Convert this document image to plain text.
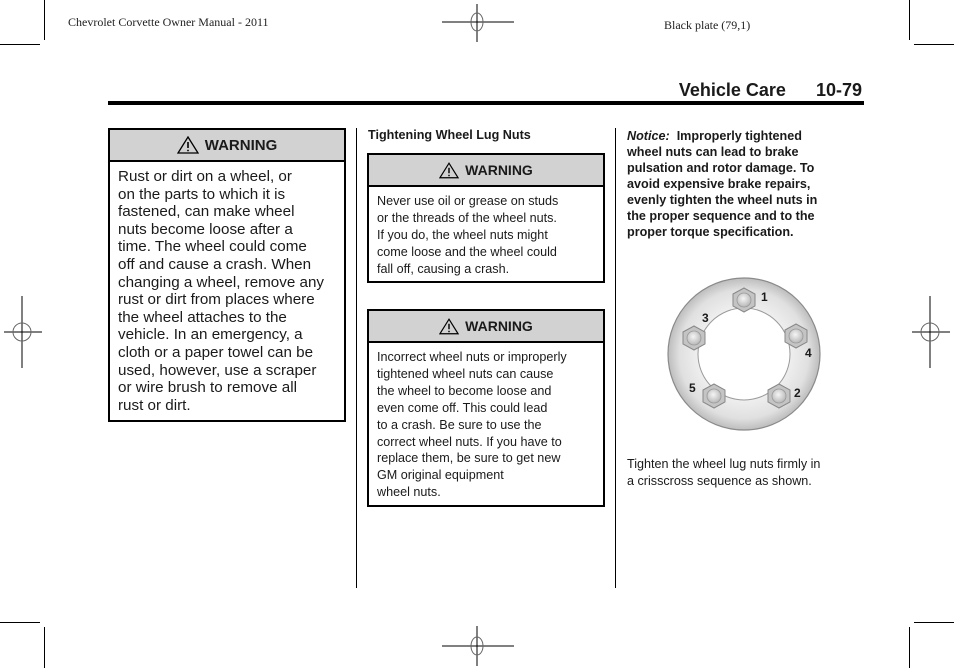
Chevrolet Corvette Owner Manual - 2011	Black plate (79,1)
Vehicle Care 10-79
WARNING
Rust or dirt on a wheel, or
on the parts to which it is
fastened, can make wheel
nuts become loose after a
time. The wheel could come
off and cause a crash. When
changing a wheel, remove any
rust or dirt from places where
the wheel attaches to the
vehicle. In an emergency, a
cloth or a paper towel can be
used, however, use a scraper
or wire brush to remove all
rust or dirt.
Tightening Wheel Lug Nuts
WARNING
Never use oil or grease on studs
or the threads of the wheel nuts.
If you do, the wheel nuts might
come loose and the wheel could
fall off, causing a crash.
WARNING
Incorrect wheel nuts or improperly
tightened wheel nuts can cause
the wheel to become loose and
even come off. This could lead
to a crash. Be sure to use the
correct wheel nuts. If you have to
replace them, be sure to get new
GM original equipment
wheel nuts.
Notice: Improperly tightened
wheel nuts can lead to brake
pulsation and rotor damage. To
avoid expensive brake repairs,
evenly tighten the wheel nuts in
the proper sequence and to the
proper torque specification.
1
2
3
4
5
Tighten the wheel lug nuts firmly in
a crisscross sequence as shown.
